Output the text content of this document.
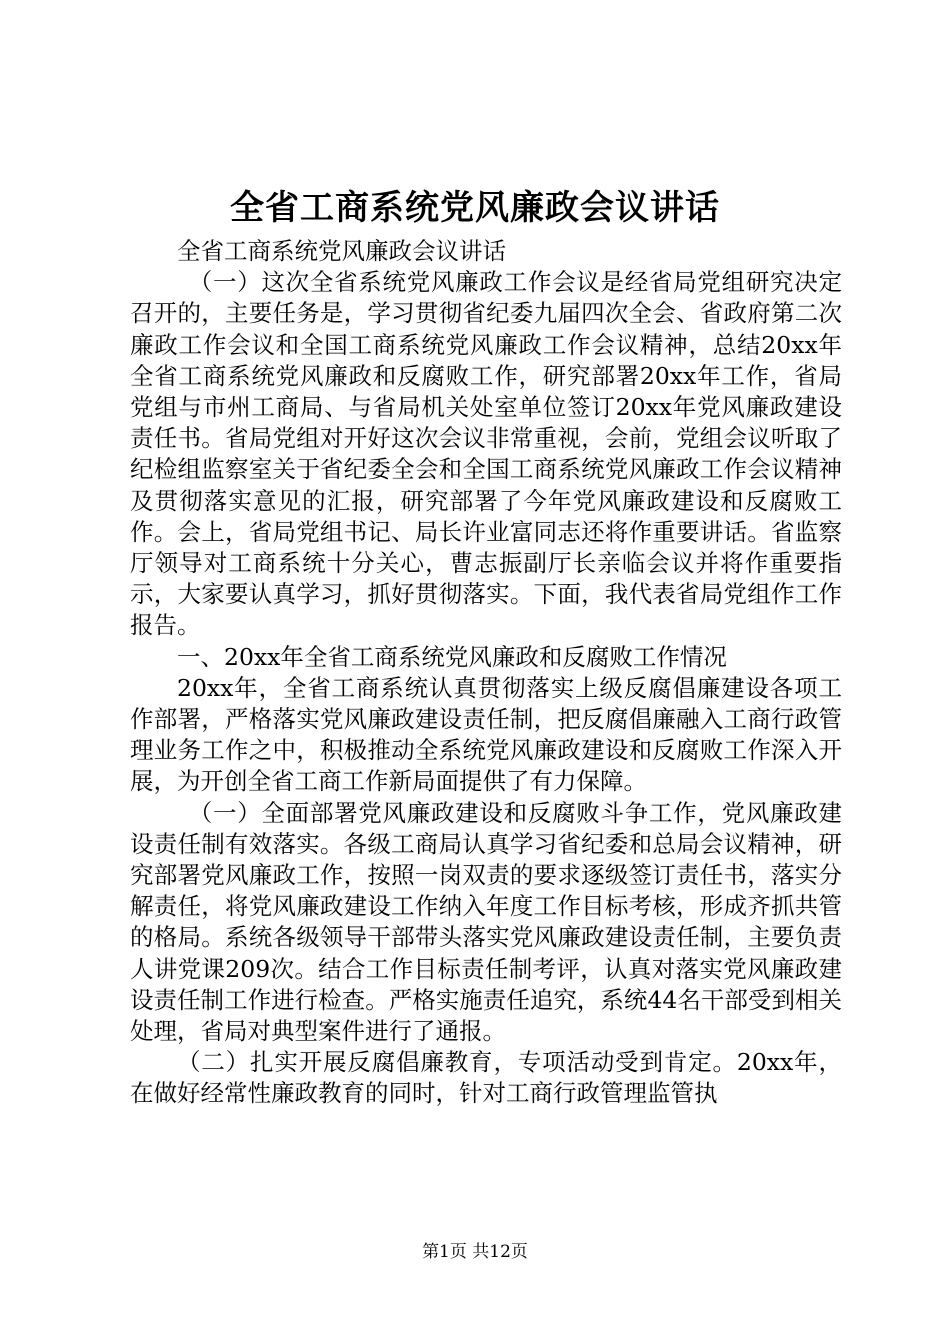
全省工商系统党风廉政会议讲话

全省工商系统党风廉政会议讲话

（一）这次全省系统党风廉政工作会议是经省局党组研究决定召开的，主要任务是，学习贯彻省纪委九届四次全会、省政府第二次廉政工作会议和全国工商系统党风廉政工作会议精神，总结20xx年全省工商系统党风廉政和反腐败工作，研究部署20xx年工作，省局党组与市州工商局、与省局机关处室单位签订20xx年党风廉政建设责任书。省局党组对开好这次会议非常重视，会前，党组会议听取了纪检组监察室关于省纪委全会和全国工商系统党风廉政工作会议精神及贯彻落实意见的汇报，研究部署了今年党风廉政建设和反腐败工作。会上，省局党组书记、局长许业富同志还将作重要讲话。省监察厅领导对工商系统十分关心，曹志振副厅长亲临会议并将作重要指示，大家要认真学习，抓好贯彻落实。下面，我代表省局党组作工作报告。

一、20xx年全省工商系统党风廉政和反腐败工作情况

20xx年，全省工商系统认真贯彻落实上级反腐倡廉建设各项工作部署，严格落实党风廉政建设责任制，把反腐倡廉融入工商行政管理业务工作之中，积极推动全系统党风廉政建设和反腐败工作深入开展，为开创全省工商工作新局面提供了有力保障。

（一）全面部署党风廉政建设和反腐败斗争工作，党风廉政建设责任制有效落实。各级工商局认真学习省纪委和总局会议精神，研究部署党风廉政工作，按照一岗双责的要求逐级签订责任书，落实分解责任，将党风廉政建设工作纳入年度工作目标考核，形成齐抓共管的格局。系统各级领导干部带头落实党风廉政建设责任制，主要负责人讲党课209次。结合工作目标责任制考评，认真对落实党风廉政建设责任制工作进行检查。严格实施责任追究，系统44名干部受到相关处理，省局对典型案件进行了通报。

（二）扎实开展反腐倡廉教育，专项活动受到肯定。20xx年，在做好经常性廉政教育的同时，针对工商行政管理监管执

第1页 共12页
